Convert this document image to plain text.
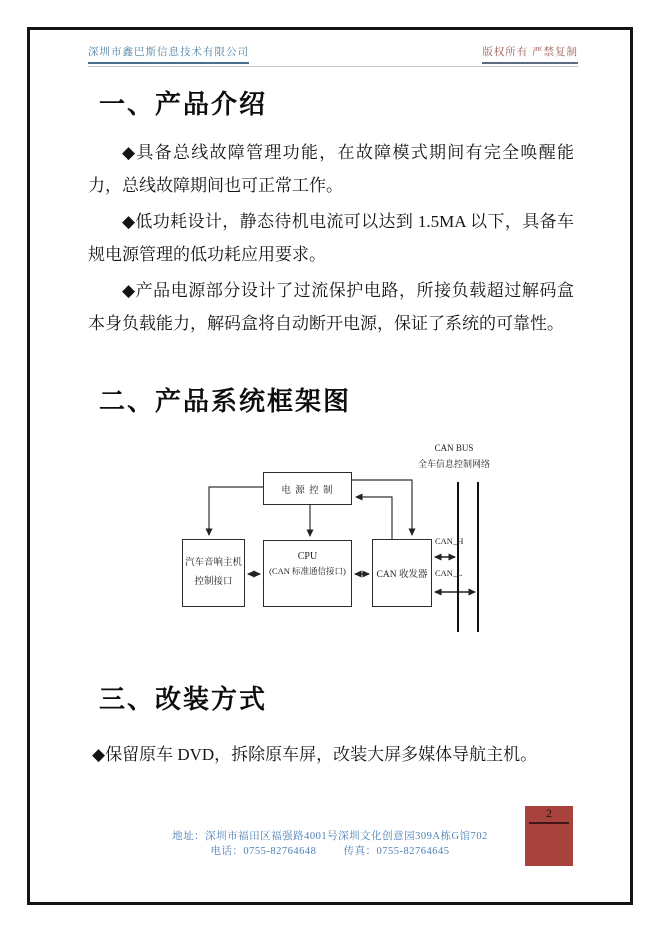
深圳市鑫巴斯信息技术有限公司	版权所有 严禁复制
一、产品介绍

◆具备总线故障管理功能，在故障模式期间有完全唤醒能力，总线故障期间也可正常工作。

◆低功耗设计，静态待机电流可以达到 1.5MA 以下，具备车规电源管理的低功耗应用要求。

◆产品电源部分设计了过流保护电路，所接负载超过解码盒本身负载能力，解码盒将自动断开电源，保证了系统的可靠性。

二、产品系统框架图
CAN BUS
全车信息控制网络
电 源 控 制
汽车音响主机
控制接口
CPU
(CAN 标准通信接口)	CAN 收发器
CAN_H
CAN_L
三、改装方式
◆保留原车 DVD，拆除原车屏，改装大屏多媒体导航主机。
地址：深圳市福田区福强路4001号深圳文化创意园309A栋G馆702
电话：0755-82764648	传真：0755-82764645
2
